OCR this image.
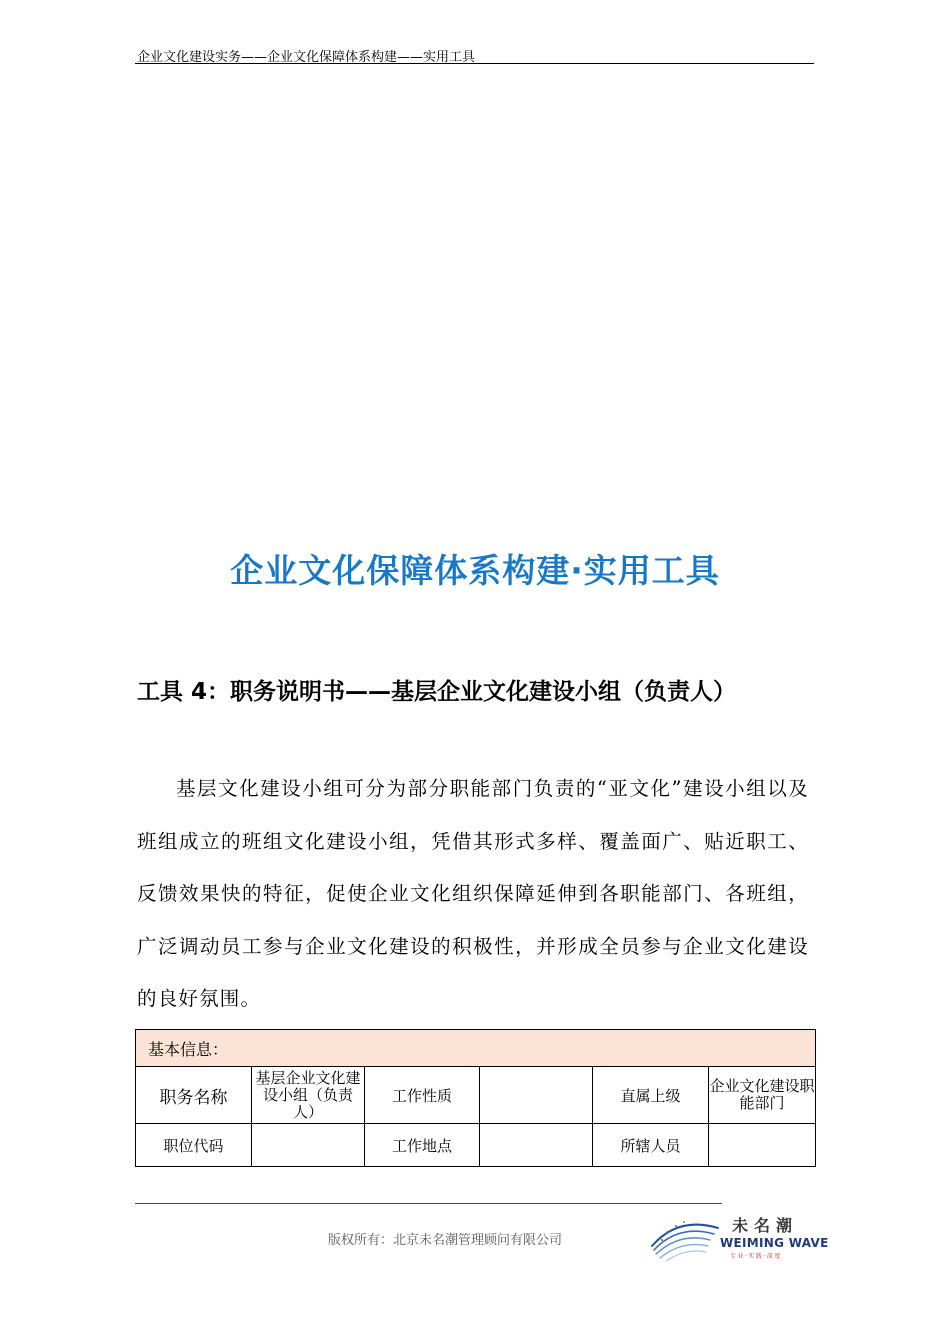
企业文化建设实务——企业文化保障体系构建——实用工具
企业文化保障体系构建·实用工具
工具 4：职务说明书——基层企业文化建设小组（负责人）
基层文化建设小组可分为部分职能部门负责的“亚文化”建设小组以及班组成立的班组文化建设小组，凭借其形式多样、覆盖面广、贴近职工、反馈效果快的特征，促使企业文化组织保障延伸到各职能部门、各班组，广泛调动员工参与企业文化建设的积极性，并形成全员参与企业文化建设的良好氛围。
基本信息：					
职务名称	基层企业文化建设小组（负责人）	工作性质		直属上级	企业文化建设职能部门
职位代码		工作地点		所辖人员	
版权所有：北京未名潮管理顾问有限公司
未名潮
WEIMING WAVE
专业·实践·深度
